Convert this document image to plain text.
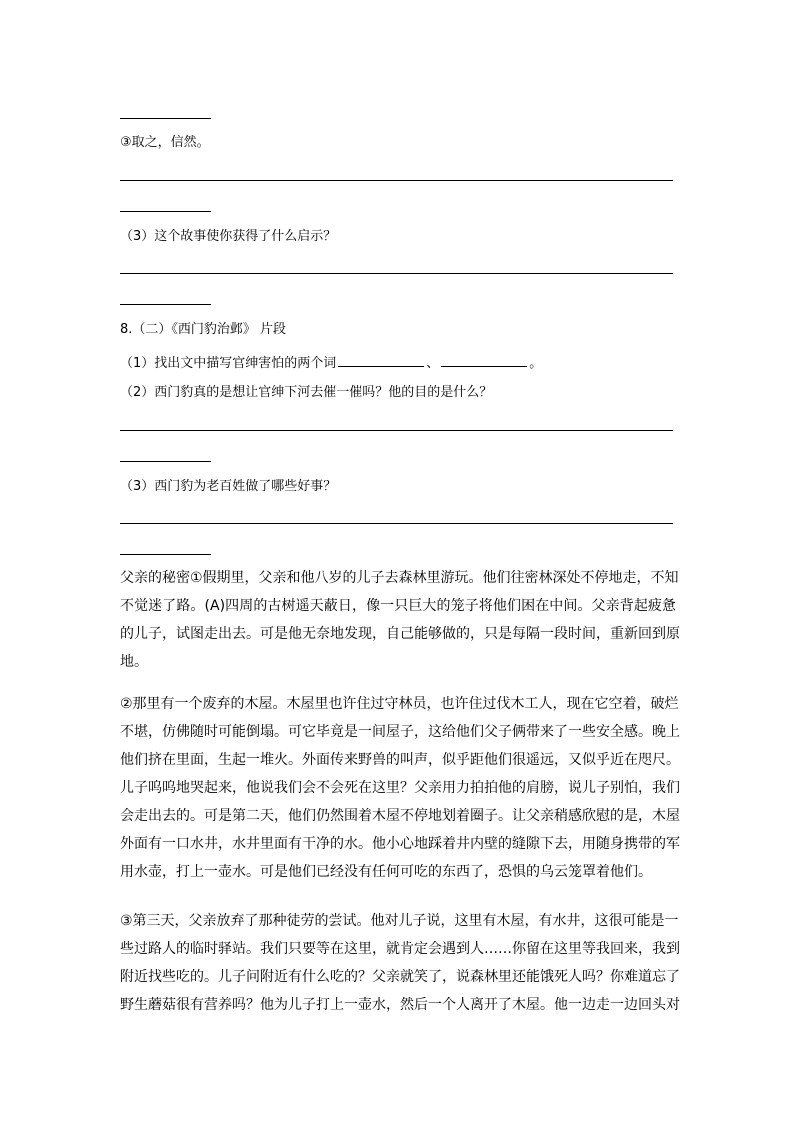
③取之，信然。
（3）这个故事使你获得了什么启示？
8.（二）《西门豹治邺》 片段
（1）找出文中描写官绅害怕的两个词	、	。
（2）西门豹真的是想让官绅下河去催一催吗？他的目的是什么？
（3）西门豹为老百姓做了哪些好事？
父亲的秘密①假期里，父亲和他八岁的儿子去森林里游玩。他们往密林深处不停地走，不知
不觉迷了路。(A)四周的古树遥天蔽日，像一只巨大的笼子将他们困在中间。父亲背起疲惫
的儿子，试图走出去。可是他无奈地发现，自己能够做的，只是每隔一段时间，重新回到原
地。
②那里有一个废弃的木屋。木屋里也许住过守林员，也许住过伐木工人，现在它空着，破烂
不堪，仿佛随时可能倒塌。可它毕竟是一间屋子，这给他们父子俩带来了一些安全感。晚上
他们挤在里面，生起一堆火。外面传来野兽的叫声，似乎距他们很遥远，又似乎近在咫尺。
儿子呜呜地哭起来，他说我们会不会死在这里？父亲用力拍拍他的肩膀，说儿子别怕，我们
会走出去的。可是第二天，他们仍然围着木屋不停地划着圈子。让父亲稍感欣慰的是，木屋
外面有一口水井，水井里面有干净的水。他小心地踩着井内壁的缝隙下去，用随身携带的军
用水壶，打上一壶水。可是他们已经没有任何可吃的东西了，恐惧的乌云笼罩着他们。
③第三天，父亲放弃了那种徒劳的尝试。他对儿子说，这里有木屋，有水井，这很可能是一
些过路人的临时驿站。我们只要等在这里，就肯定会遇到人……你留在这里等我回来，我到
附近找些吃的。儿子问附近有什么吃的？父亲就笑了，说森林里还能饿死人吗？你难道忘了
野生蘑菇很有营养吗？他为儿子打上一壶水，然后一个人离开了木屋。他一边走一边回头对
